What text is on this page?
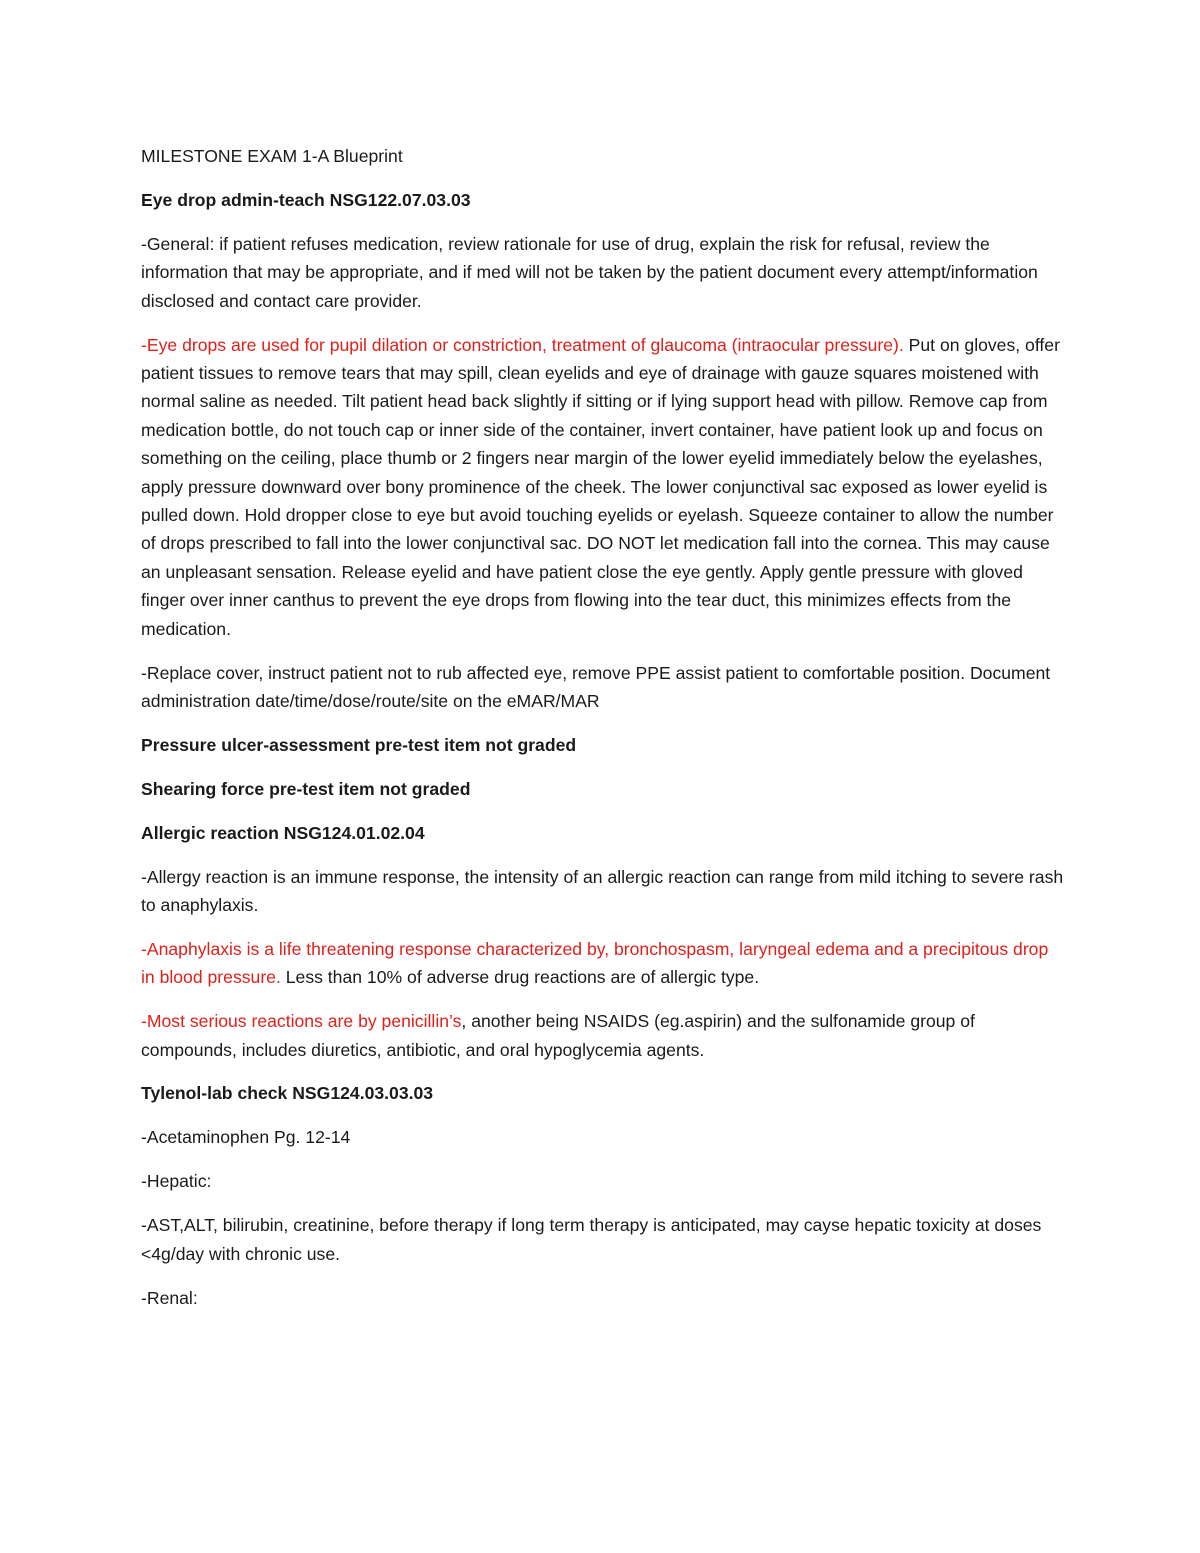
MILESTONE EXAM 1-A Blueprint

Eye drop admin-teach NSG122.07.03.03

-General: if patient refuses medication, review rationale for use of drug, explain the risk for refusal, review the information that may be appropriate, and if med will not be taken by the patient document every attempt/information disclosed and contact care provider.

-Eye drops are used for pupil dilation or constriction, treatment of glaucoma (intraocular pressure). Put on gloves, offer patient tissues to remove tears that may spill, clean eyelids and eye of drainage with gauze squares moistened with normal saline as needed. Tilt patient head back slightly if sitting or if lying support head with pillow. Remove cap from medication bottle, do not touch cap or inner side of the container, invert container, have patient look up and focus on something on the ceiling, place thumb or 2 fingers near margin of the lower eyelid immediately below the eyelashes, apply pressure downward over bony prominence of the cheek. The lower conjunctival sac exposed as lower eyelid is pulled down. Hold dropper close to eye but avoid touching eyelids or eyelash. Squeeze container to allow the number of drops prescribed to fall into the lower conjunctival sac. DO NOT let medication fall into the cornea. This may cause an unpleasant sensation. Release eyelid and have patient close the eye gently. Apply gentle pressure with gloved finger over inner canthus to prevent the eye drops from flowing into the tear duct, this minimizes effects from the medication.

-Replace cover, instruct patient not to rub affected eye, remove PPE assist patient to comfortable position. Document administration date/time/dose/route/site on the eMAR/MAR

Pressure ulcer-assessment pre-test item not graded

Shearing force pre-test item not graded

Allergic reaction NSG124.01.02.04

-Allergy reaction is an immune response, the intensity of an allergic reaction can range from mild itching to severe rash to anaphylaxis.

-Anaphylaxis is a life threatening response characterized by, bronchospasm, laryngeal edema and a precipitous drop in blood pressure. Less than 10% of adverse drug reactions are of allergic type.

-Most serious reactions are by penicillin’s, another being NSAIDS (eg.aspirin) and the sulfonamide group of compounds, includes diuretics, antibiotic, and oral hypoglycemia agents.

Tylenol-lab check NSG124.03.03.03

-Acetaminophen Pg. 12-14

-Hepatic:

-AST,ALT, bilirubin, creatinine, before therapy if long term therapy is anticipated, may cayse hepatic toxicity at doses <4g/day with chronic use.

-Renal:
